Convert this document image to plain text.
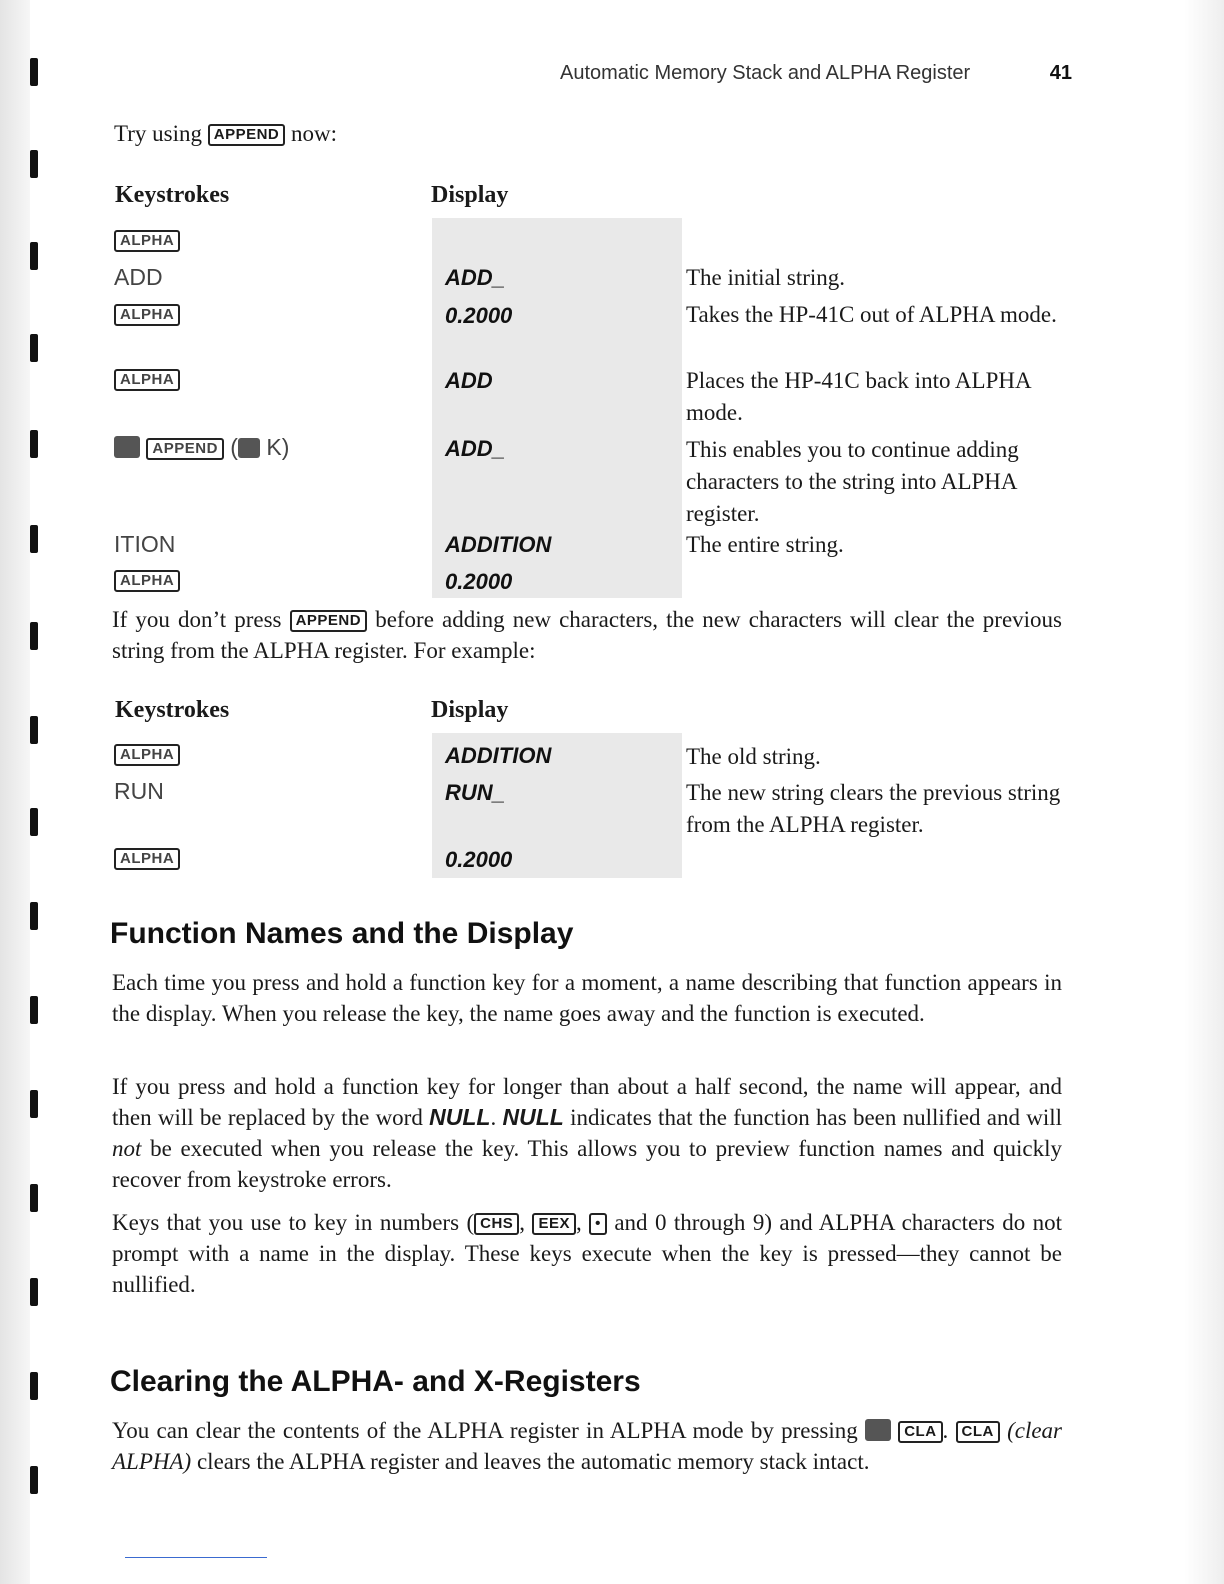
Automatic Memory Stack and ALPHA Register	41
Try using APPEND now:
Keystrokes	Display
ALPHA
ADD	ADD_	The initial string.
ALPHA	0.2000	Takes the HP-41C out of ALPHA mode.
ALPHA	ADD	Places the HP-41C back into ALPHA mode.
APPEND ( K)	ADD_	This enables you to continue adding characters to the string into ALPHA register.
ITION	ADDITION	The entire string.
ALPHA	0.2000
If you don’t press APPEND before adding new characters, the new characters will clear the previous string from the ALPHA register. For example:
Keystrokes	Display
ALPHA	ADDITION	The old string.
RUN	RUN_	The new string clears the previous string from the ALPHA register.
ALPHA	0.2000
Function Names and the Display
Each time you press and hold a function key for a moment, a name describing that function appears in the display. When you release the key, the name goes away and the function is executed.
If you press and hold a function key for longer than about a half second, the name will appear, and then will be replaced by the word NULL. NULL indicates that the function has been nullified and will not be executed when you release the key. This allows you to preview function names and quickly recover from keystroke errors.
Keys that you use to key in numbers ( CHS , EEX , • and 0 through 9) and ALPHA characters do not prompt with a name in the display. These keys execute when the key is pressed—they cannot be nullified.
Clearing the ALPHA- and X-Registers
You can clear the contents of the ALPHA register in ALPHA mode by pressing	CLA . CLA (clear ALPHA) clears the ALPHA register and leaves the automatic memory stack intact.
